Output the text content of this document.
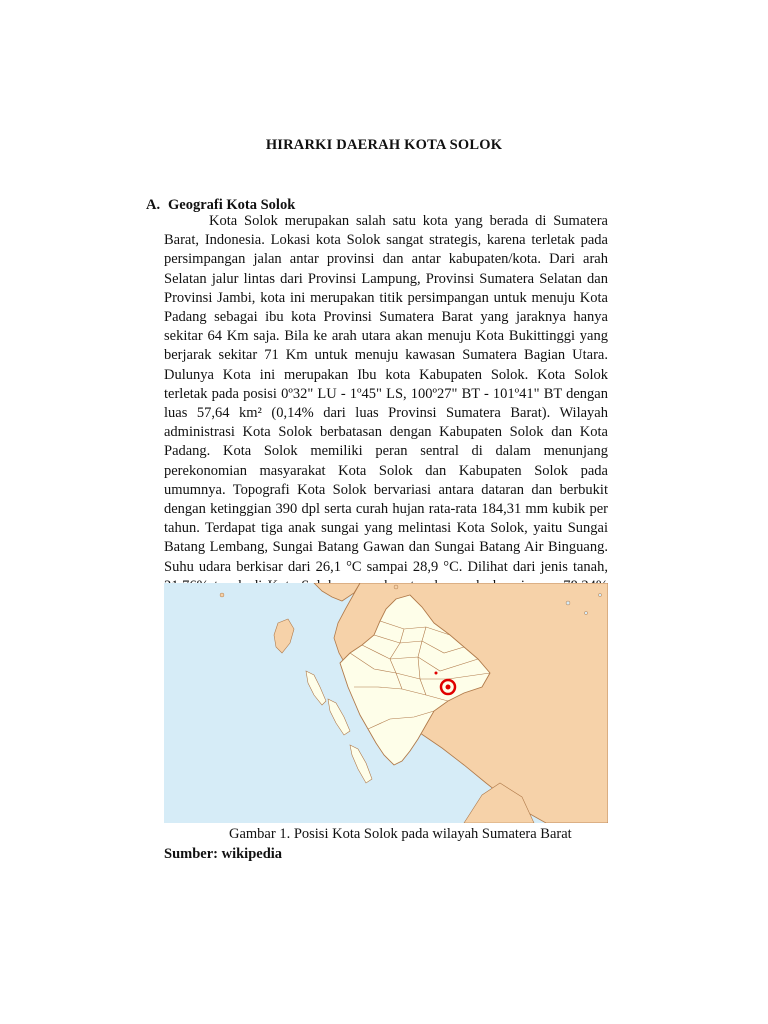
HIRARKI DAERAH KOTA SOLOK
A. Geografi Kota Solok

Kota Solok merupakan salah satu kota yang berada di Sumatera Barat, Indonesia. Lokasi kota Solok sangat strategis, karena terletak pada persimpangan jalan antar provinsi dan antar kabupaten/kota. Dari arah Selatan jalur lintas dari Provinsi Lampung, Provinsi Sumatera Selatan dan Provinsi Jambi, kota ini merupakan titik persimpangan untuk menuju Kota Padang sebagai ibu kota Provinsi Sumatera Barat yang jaraknya hanya sekitar 64 Km saja. Bila ke arah utara akan menuju Kota Bukittinggi yang berjarak sekitar 71 Km untuk menuju kawasan Sumatera Bagian Utara. Dulunya Kota ini merupakan Ibu kota Kabupaten Solok. Kota Solok terletak pada posisi 0º32" LU - 1º45" LS, 100º27" BT - 101º41" BT dengan luas 57,64 km² (0,14% dari luas Provinsi Sumatera Barat). Wilayah administrasi Kota Solok berbatasan dengan Kabupaten Solok dan Kota Padang. Kota Solok memiliki peran sentral di dalam menunjang perekonomian masyarakat Kota Solok dan Kabupaten Solok pada umumnya. Topografi Kota Solok bervariasi antara dataran dan berbukit dengan ketinggian 390 dpl serta curah hujan rata-rata 184,31 mm kubik per tahun. Terdapat tiga anak sungai yang melintasi Kota Solok, yaitu Sungai Batang Lembang, Sungai Batang Gawan dan Sungai Batang Air Binguang. Suhu udara berkisar dari 26,1 °C sampai 28,9 °C. Dilihat dari jenis tanah,

Gambar 1. Posisi Kota Solok pada wilayah Sumatera Barat
Sumber: wikipedia
